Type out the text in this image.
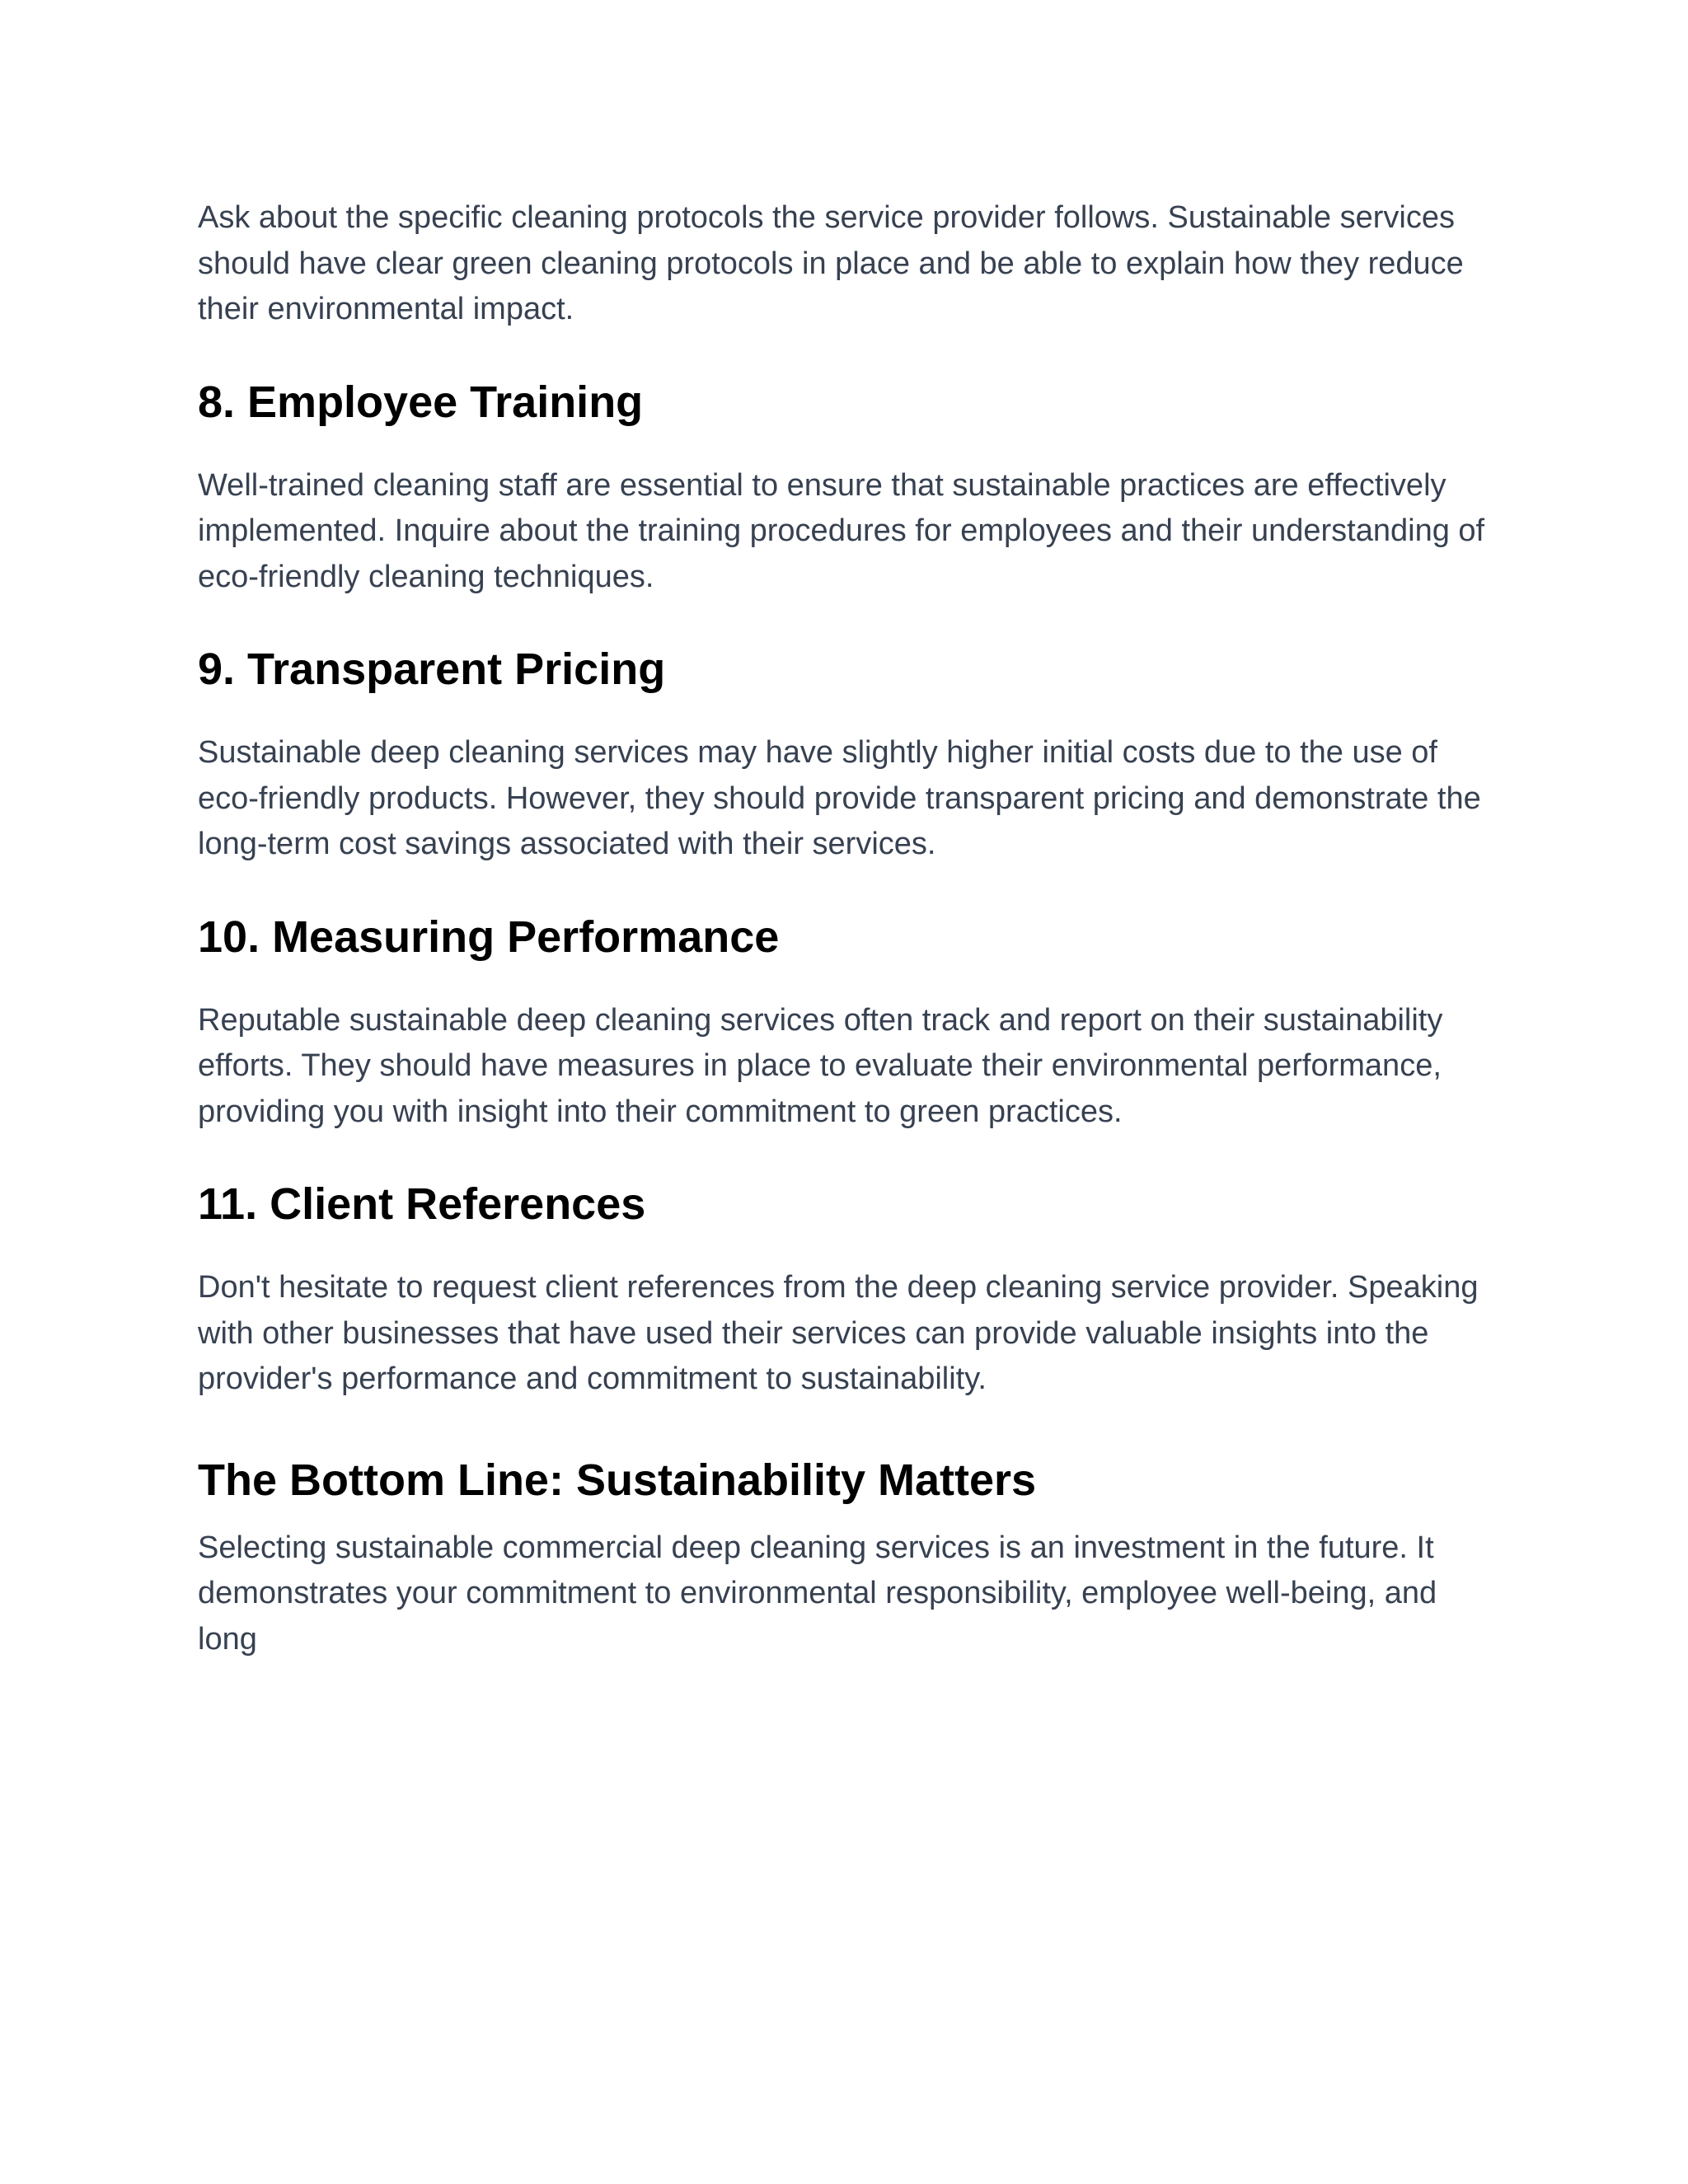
Ask about the specific cleaning protocols the service provider follows. Sustainable services should have clear green cleaning protocols in place and be able to explain how they reduce their environmental impact.

8. Employee Training

Well-trained cleaning staff are essential to ensure that sustainable practices are effectively implemented. Inquire about the training procedures for employees and their understanding of eco-friendly cleaning techniques.

9. Transparent Pricing

Sustainable deep cleaning services may have slightly higher initial costs due to the use of eco-friendly products. However, they should provide transparent pricing and demonstrate the long-term cost savings associated with their services.

10. Measuring Performance

Reputable sustainable deep cleaning services often track and report on their sustainability efforts. They should have measures in place to evaluate their environmental performance, providing you with insight into their commitment to green practices.

11. Client References

Don't hesitate to request client references from the deep cleaning service provider. Speaking with other businesses that have used their services can provide valuable insights into the provider's performance and commitment to sustainability.

The Bottom Line: Sustainability Matters

Selecting sustainable commercial deep cleaning services is an investment in the future. It demonstrates your commitment to environmental responsibility, employee well-being, and long
